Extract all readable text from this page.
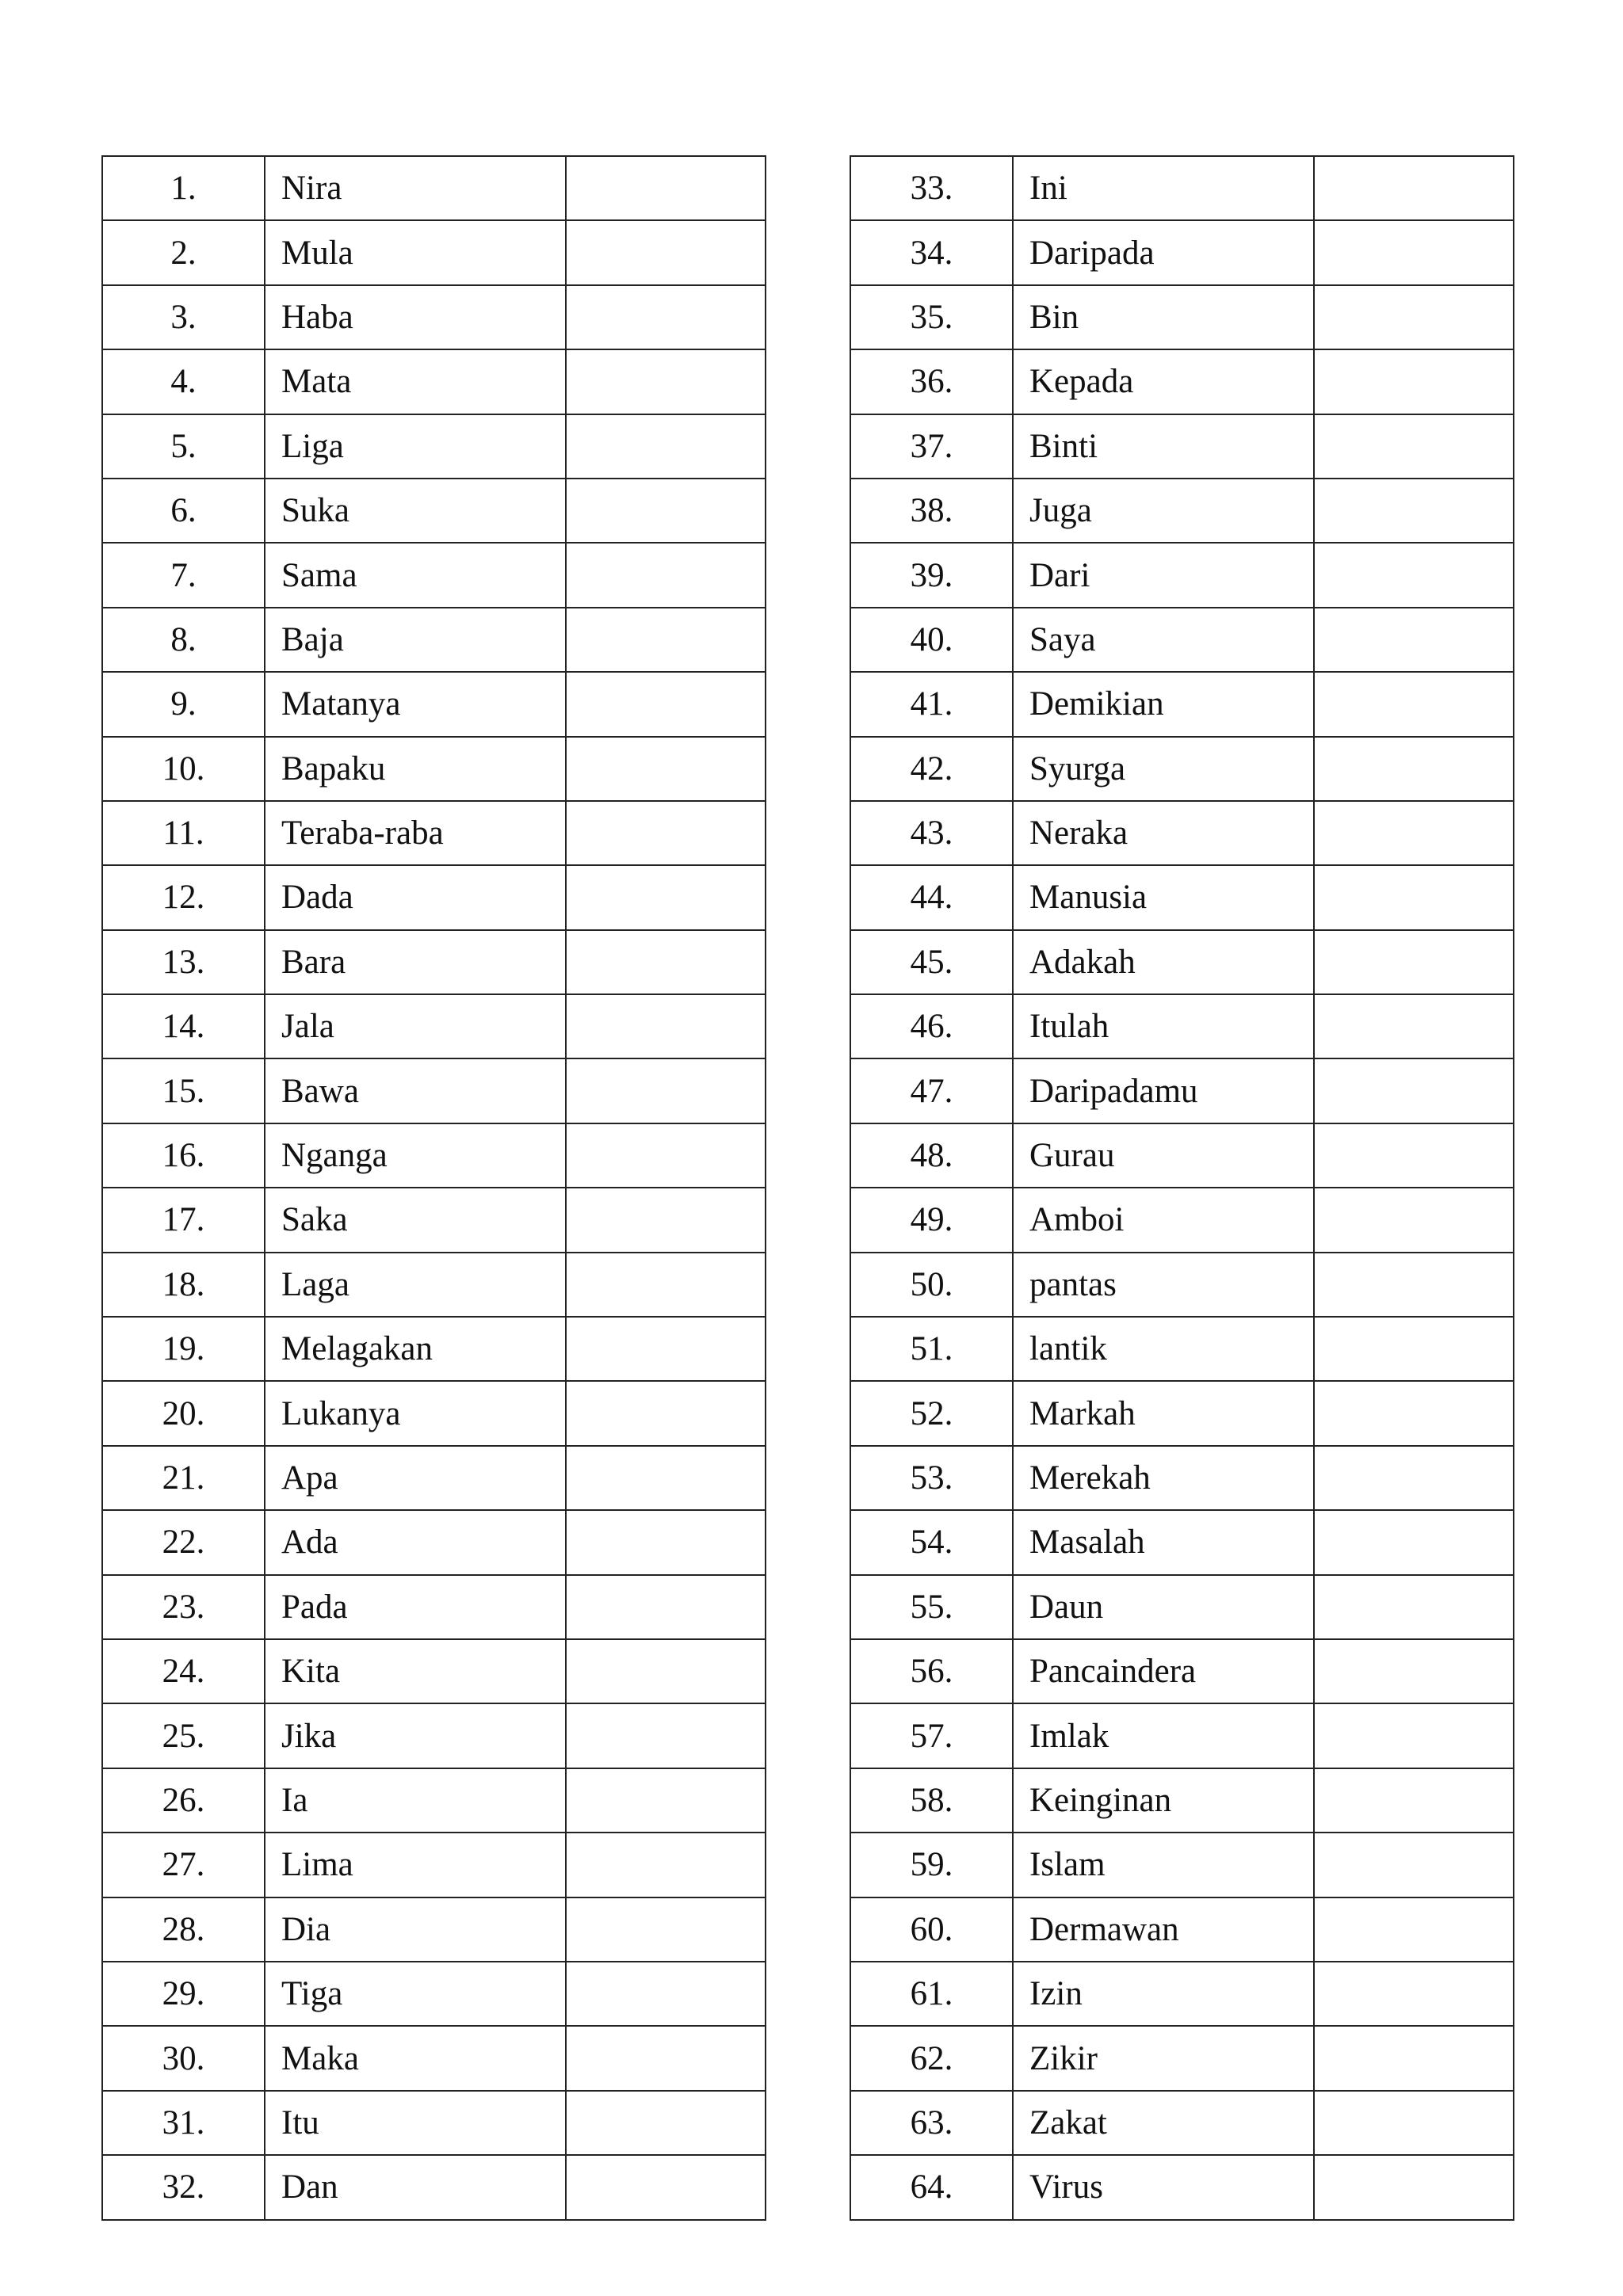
1.	Nira	
2.	Mula	
3.	Haba	
4.	Mata	
5.	Liga	
6.	Suka	
7.	Sama	
8.	Baja	
9.	Matanya	
10.	Bapaku	
11.	Teraba-raba	
12.	Dada	
13.	Bara	
14.	Jala	
15.	Bawa	
16.	Nganga	
17.	Saka	
18.	Laga	
19.	Melagakan	
20.	Lukanya	
21.	Apa	
22.	Ada	
23.	Pada	
24.	Kita	
25.	Jika	
26.	Ia	
27.	Lima	
28.	Dia	
29.	Tiga	
30.	Maka	
31.	Itu	
32.	Dan	
33.	Ini	
34.	Daripada	
35.	Bin	
36.	Kepada	
37.	Binti	
38.	Juga	
39.	Dari	
40.	Saya	
41.	Demikian	
42.	Syurga	
43.	Neraka	
44.	Manusia	
45.	Adakah	
46.	Itulah	
47.	Daripadamu	
48.	Gurau	
49.	Amboi	
50.	pantas	
51.	lantik	
52.	Markah	
53.	Merekah	
54.	Masalah	
55.	Daun	
56.	Pancaindera	
57.	Imlak	
58.	Keinginan	
59.	Islam	
60.	Dermawan	
61.	Izin	
62.	Zikir	
63.	Zakat	
64.	Virus	
